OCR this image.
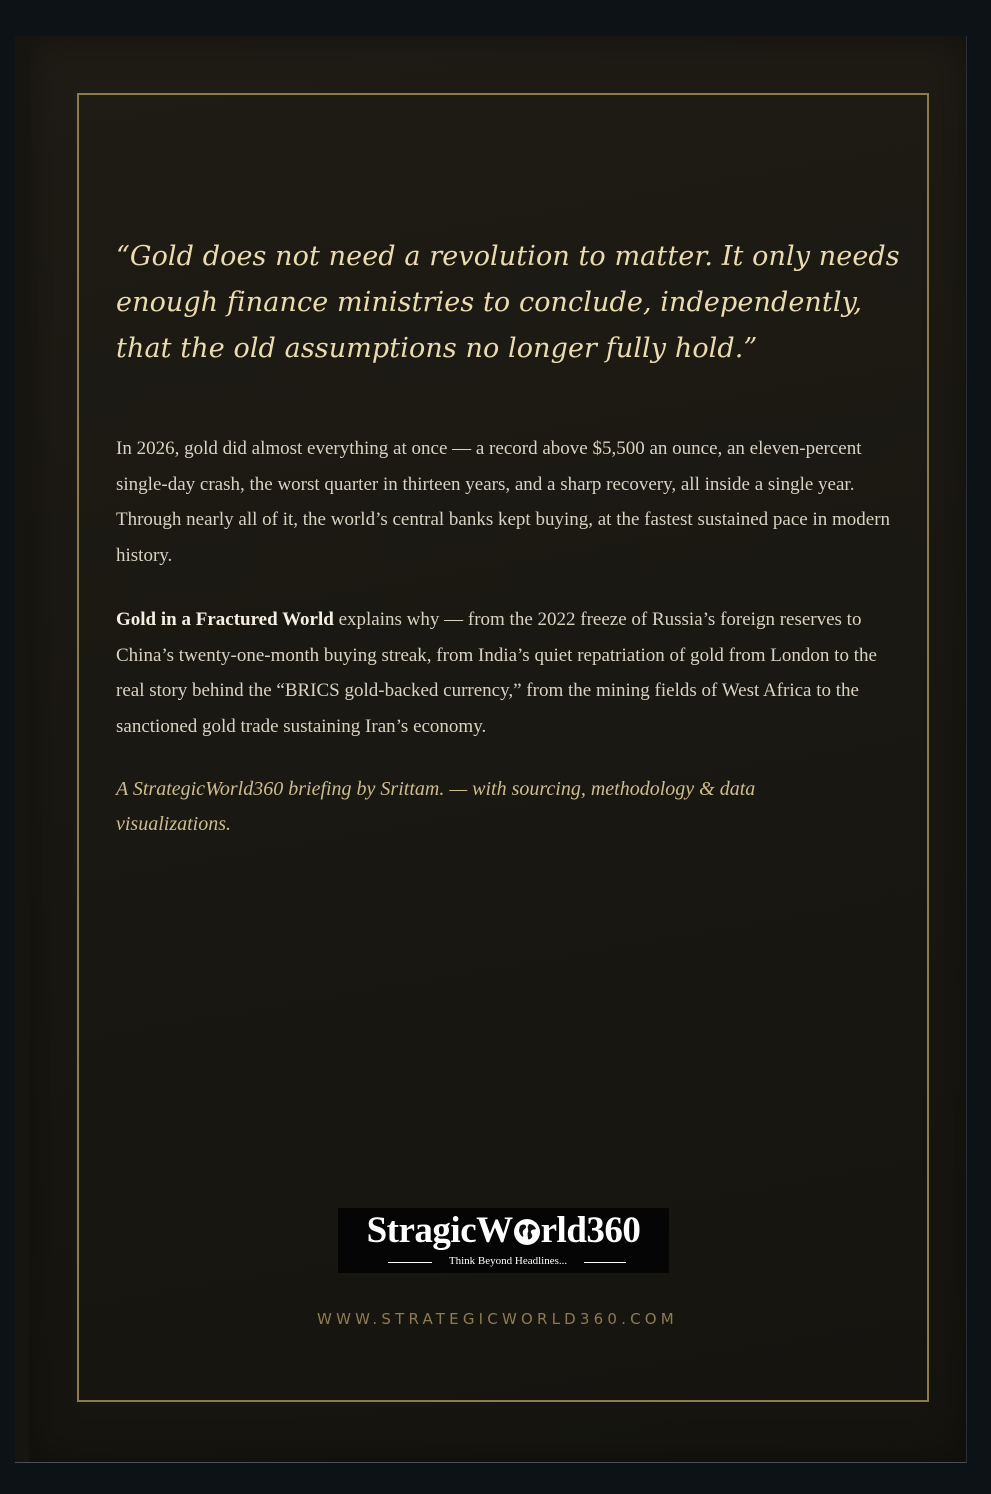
“Gold does not need a revolution to matter. It only needs enough finance ministries to conclude, independently, that the old assumptions no longer fully hold.”

In 2026, gold did almost everything at once — a record above $5,500 an ounce, an eleven-percent single-day crash, the worst quarter in thirteen years, and a sharp recovery, all inside a single year. Through nearly all of it, the world’s central banks kept buying, at the fastest sustained pace in modern history.

Gold in a Fractured World explains why — from the 2022 freeze of Russia’s foreign reserves to China’s twenty-one-month buying streak, from India’s quiet repatriation of gold from London to the real story behind the “BRICS gold-backed currency,” from the mining fields of West Africa to the sanctioned gold trade sustaining Iran’s economy.

A StrategicWorld360 briefing by Srittam. — with sourcing, methodology & data visualizations.

StragicW rld360
Think Beyond Headlines...
WWW.STRATEGICWORLD360.COM
